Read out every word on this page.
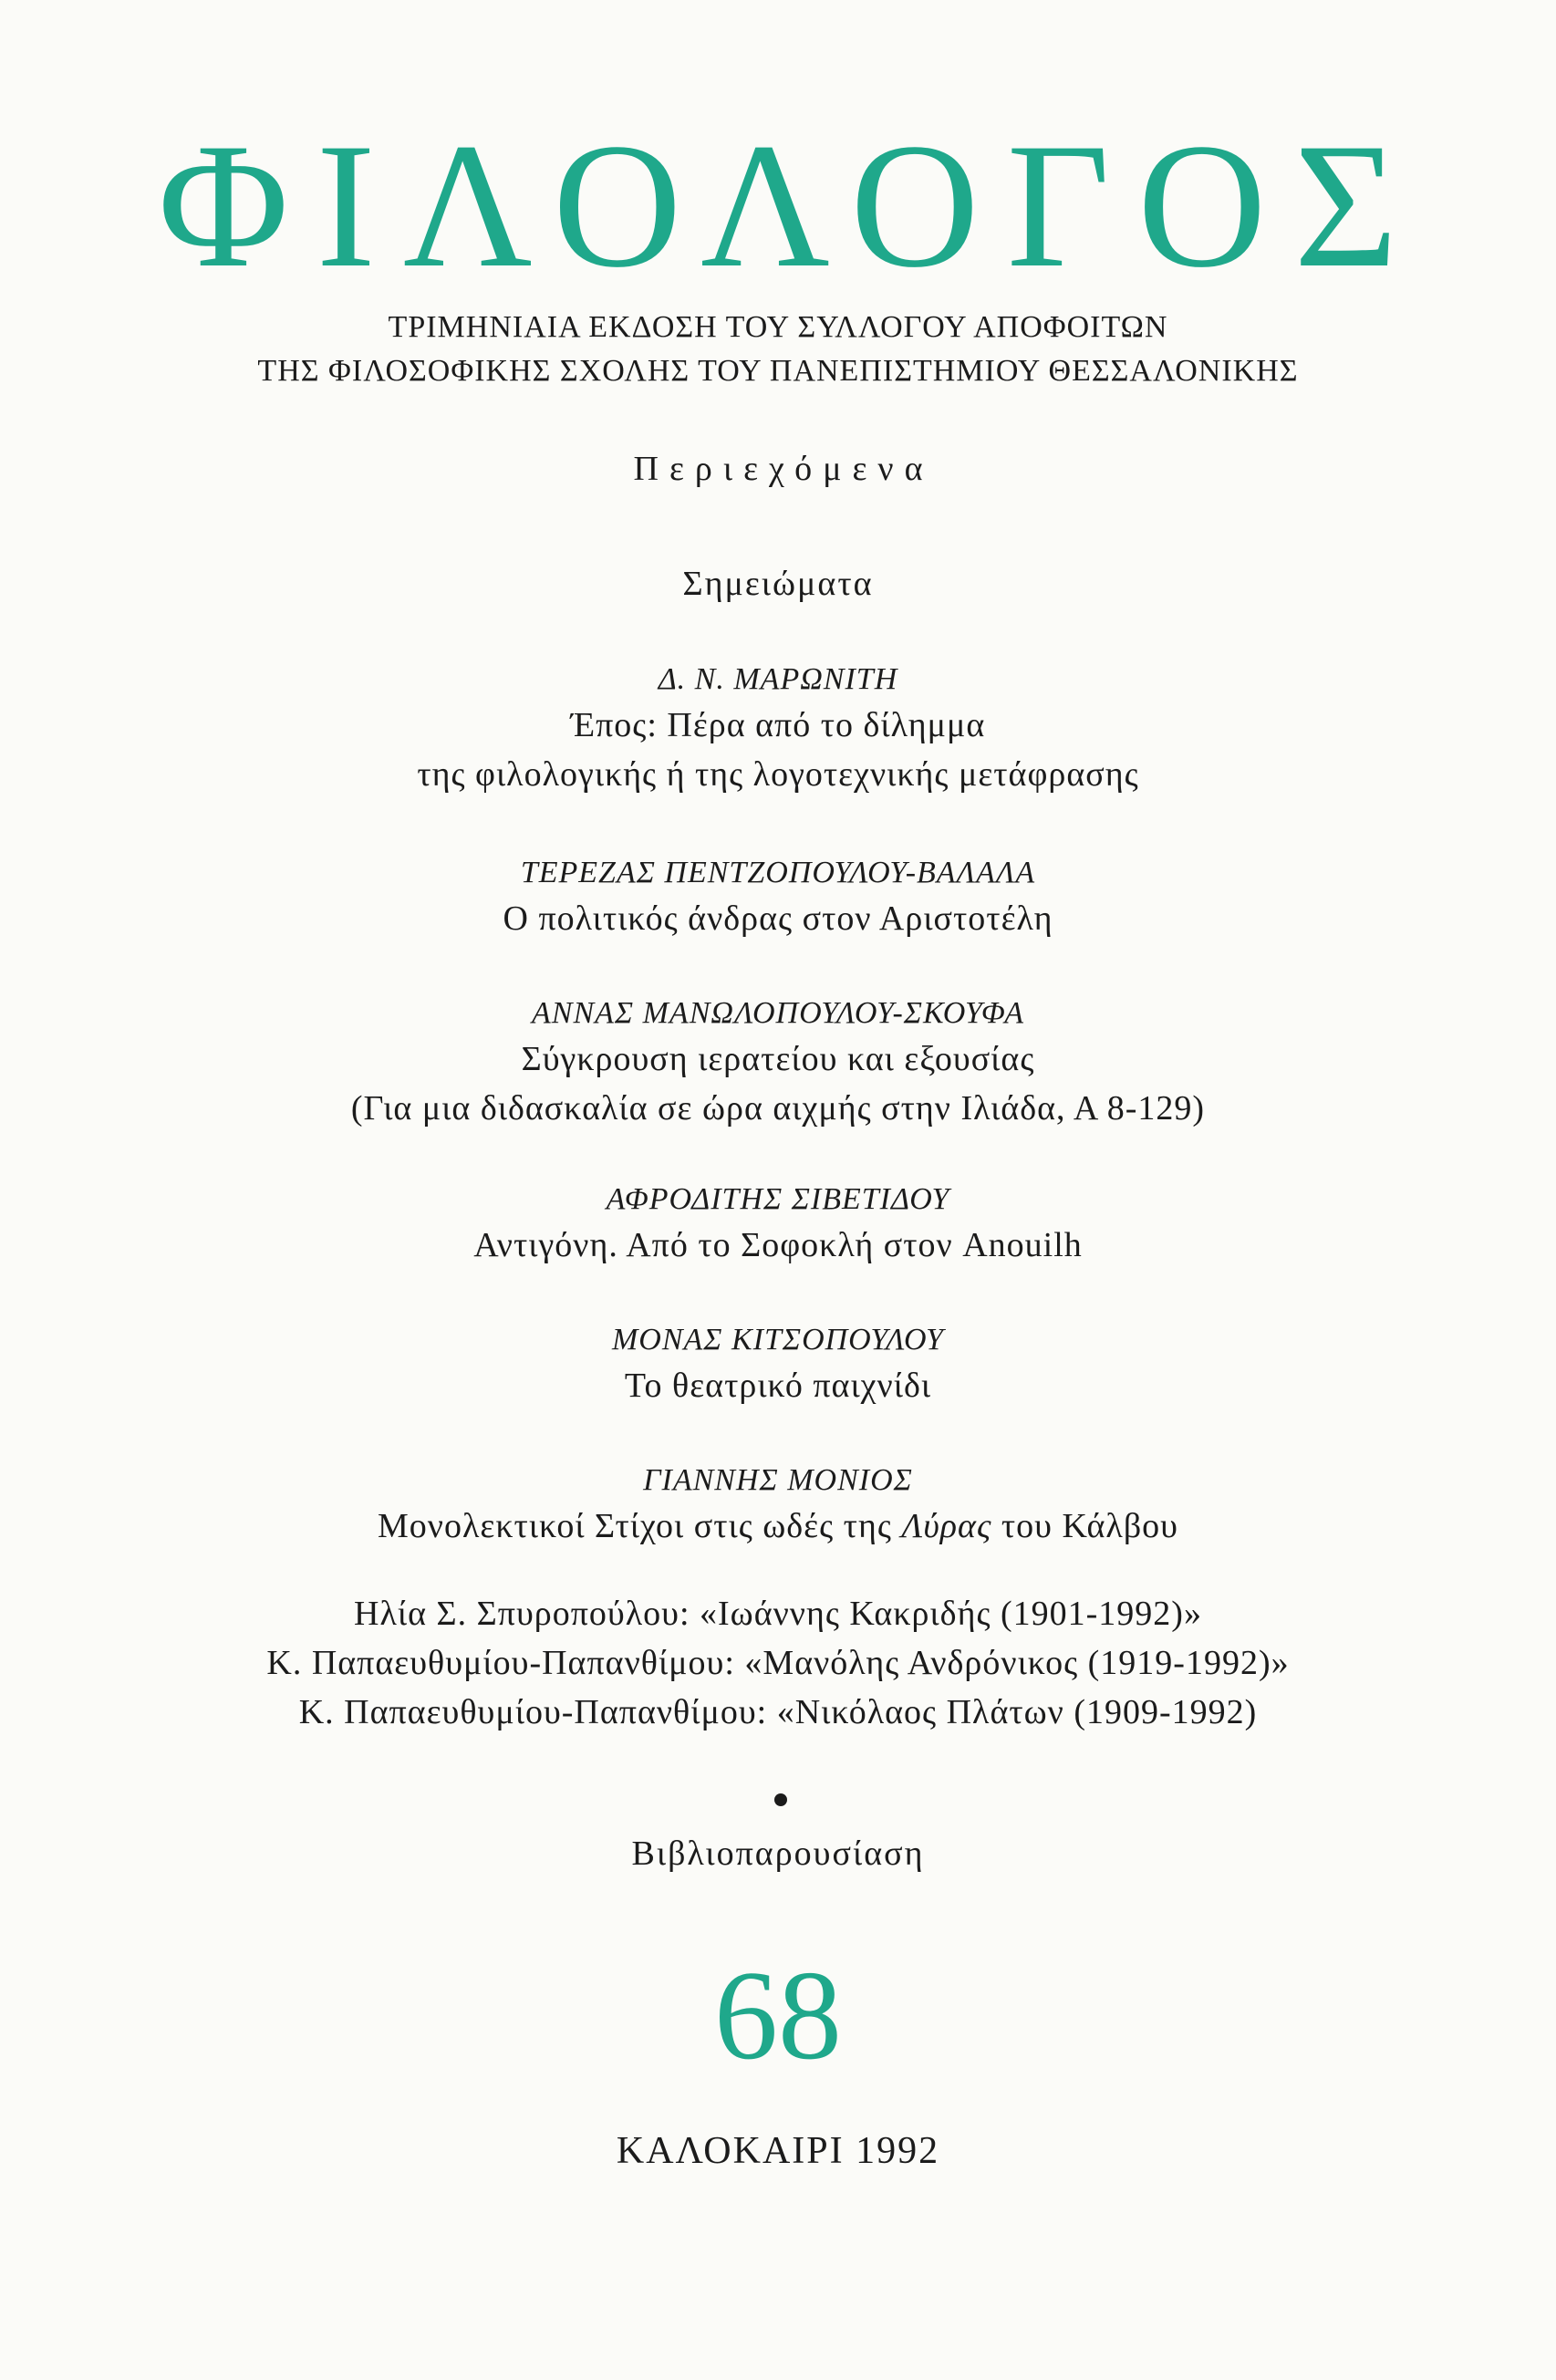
ΦΙΛΟΛΟΓΟΣ
ΤΡΙΜΗΝΙΑΙΑ ΕΚΔΟΣΗ ΤΟΥ ΣΥΛΛΟΓΟΥ ΑΠΟΦΟΙΤΩΝ
ΤΗΣ ΦΙΛΟΣΟΦΙΚΗΣ ΣΧΟΛΗΣ ΤΟΥ ΠΑΝΕΠΙΣΤΗΜΙΟΥ ΘΕΣΣΑΛΟΝΙΚΗΣ
Περιεχόμενα
Σημειώματα
Δ. Ν. ΜΑΡΩΝΙΤΗ
Έπος: Πέρα από το δίλημμα
της φιλολογικής ή της λογοτεχνικής μετάφρασης
ΤΕΡΕΖΑΣ ΠΕΝΤΖΟΠΟΥΛΟΥ-ΒΑΛΑΛΑ
Ο πολιτικός άνδρας στον Αριστοτέλη
ΑΝΝΑΣ ΜΑΝΩΛΟΠΟΥΛΟΥ-ΣΚΟΥΦΑ
Σύγκρουση ιερατείου και εξουσίας
(Για μια διδασκαλία σε ώρα αιχμής στην Ιλιάδα, Α 8-129)
ΑΦΡΟΔΙΤΗΣ ΣΙΒΕΤΙΔΟΥ
Αντιγόνη. Από το Σοφοκλή στον Anouilh
ΜΟΝΑΣ ΚΙΤΣΟΠΟΥΛΟΥ
Το θεατρικό παιχνίδι
ΓΙΑΝΝΗΣ ΜΟΝΙΟΣ
Μονολεκτικοί Στίχοι στις ωδές της Λύρας του Κάλβου
Ηλία Σ. Σπυροπούλου: «Ιωάννης Κακριδής (1901-1992)»
Κ. Παπαευθυμίου-Παπανθίμου: «Μανόλης Ανδρόνικος (1919-1992)»
Κ. Παπαευθυμίου-Παπανθίμου: «Νικόλαος Πλάτων (1909-1992)
Βιβλιοπαρουσίαση
68
ΚΑΛΟΚΑΙΡΙ 1992
